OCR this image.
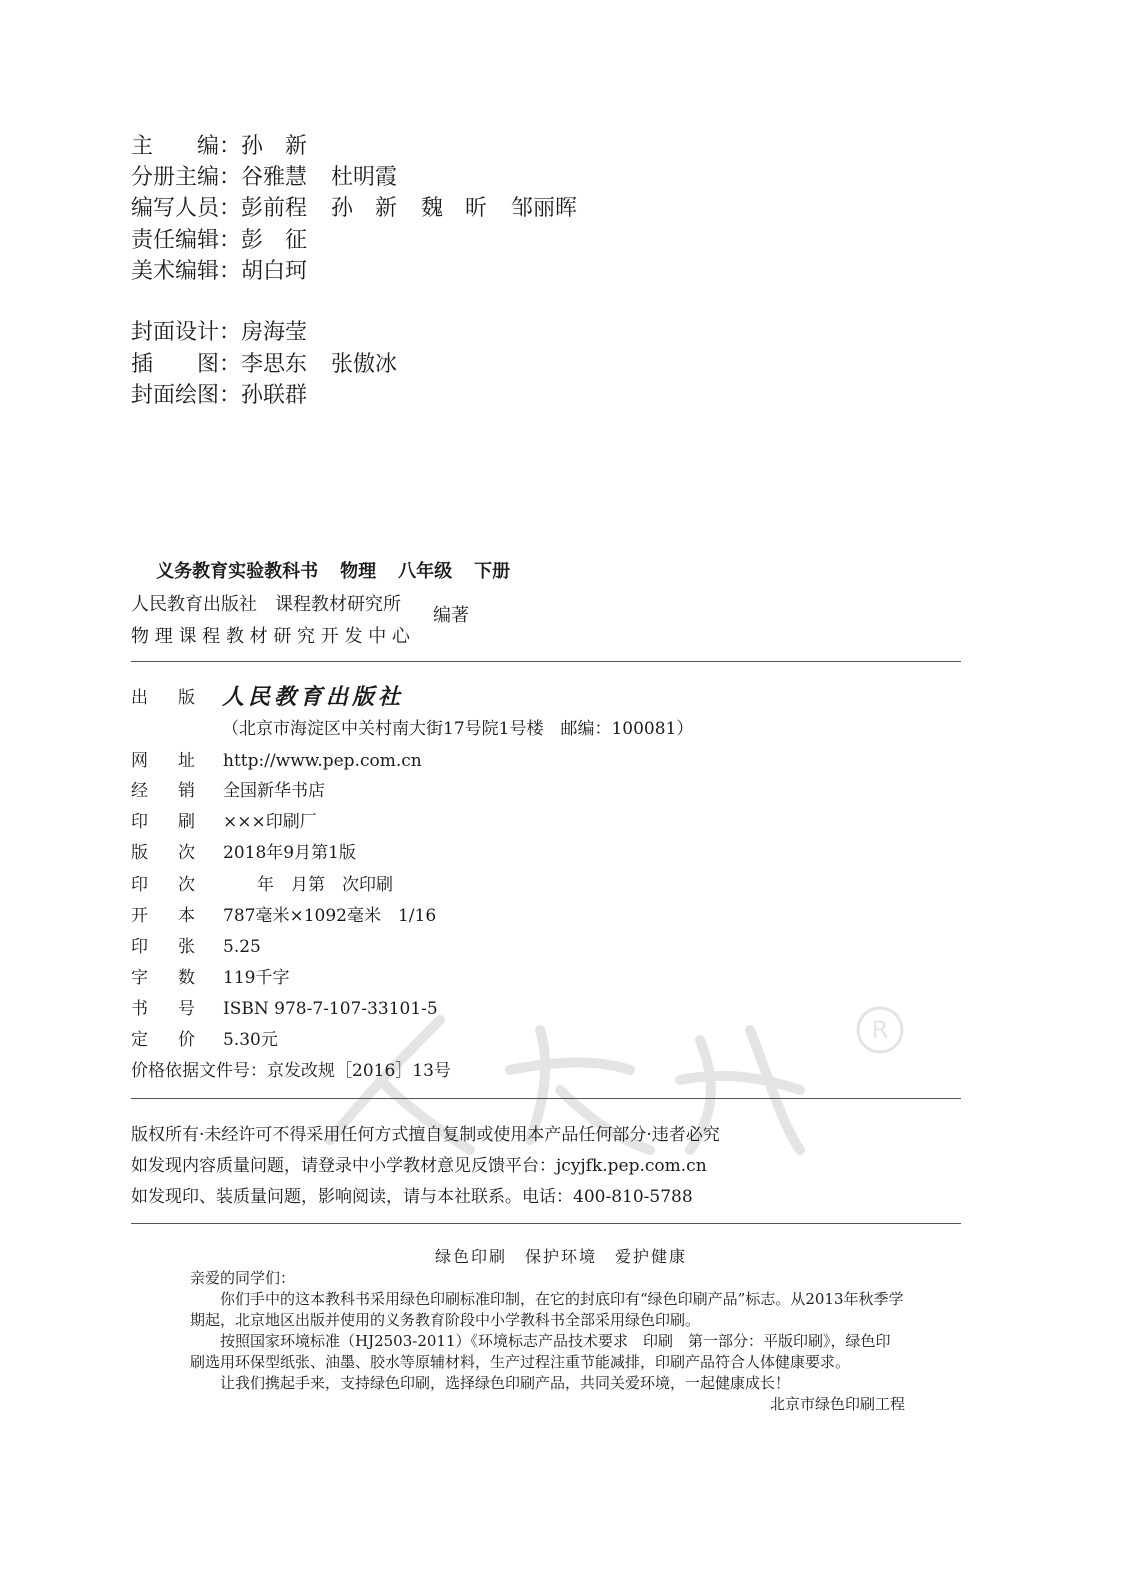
R
主　　编：孙　新
分册主编：谷雅慧 杜明霞
编写人员：彭前程 孙　新 魏　昕 邹丽晖
责任编辑：彭　征
美术编辑：胡白珂
封面设计：房海莹
插　　图：李思东 张傲冰
封面绘图：孙联群
义务教育实验教科书 物理 八年级 下册
人民教育出版社　课程教材研究所
物 理 课 程 教 材 研 究 开 发 中 心
编著
出版
人民教育出版社
（北京市海淀区中关村南大街17号院1号楼　邮编：100081）
网址http://www.pep.com.cn
经销全国新华书店
印刷×××印刷厂
版次2018年9月第1版
印次　　年　月第　次印刷
开本787毫米×1092毫米　1/16
印张5.25
字数119千字
书号ISBN 978-7-107-33101-5
定价5.30元
价格依据文件号：京发改规［2016］13号
版权所有·未经许可不得采用任何方式擅自复制或使用本产品任何部分·违者必究
如发现内容质量问题，请登录中小学教材意见反馈平台：jcyjfk.pep.com.cn
如发现印、装质量问题，影响阅读，请与本社联系。电话：400-810-5788
绿色印刷　保护环境　爱护健康

亲爱的同学们：

你们手中的这本教科书采用绿色印刷标准印制，在它的封底印有“绿色印刷产品”标志。从2013年秋季学期起，北京地区出版并使用的义务教育阶段中小学教科书全部采用绿色印刷。

按照国家环境标准（HJ2503-2011）《环境标志产品技术要求　印刷　第一部分：平版印刷》，绿色印刷选用环保型纸张、油墨、胶水等原辅材料，生产过程注重节能减排，印刷产品符合人体健康要求。

让我们携起手来，支持绿色印刷，选择绿色印刷产品，共同关爱环境，一起健康成长！

北京市绿色印刷工程
